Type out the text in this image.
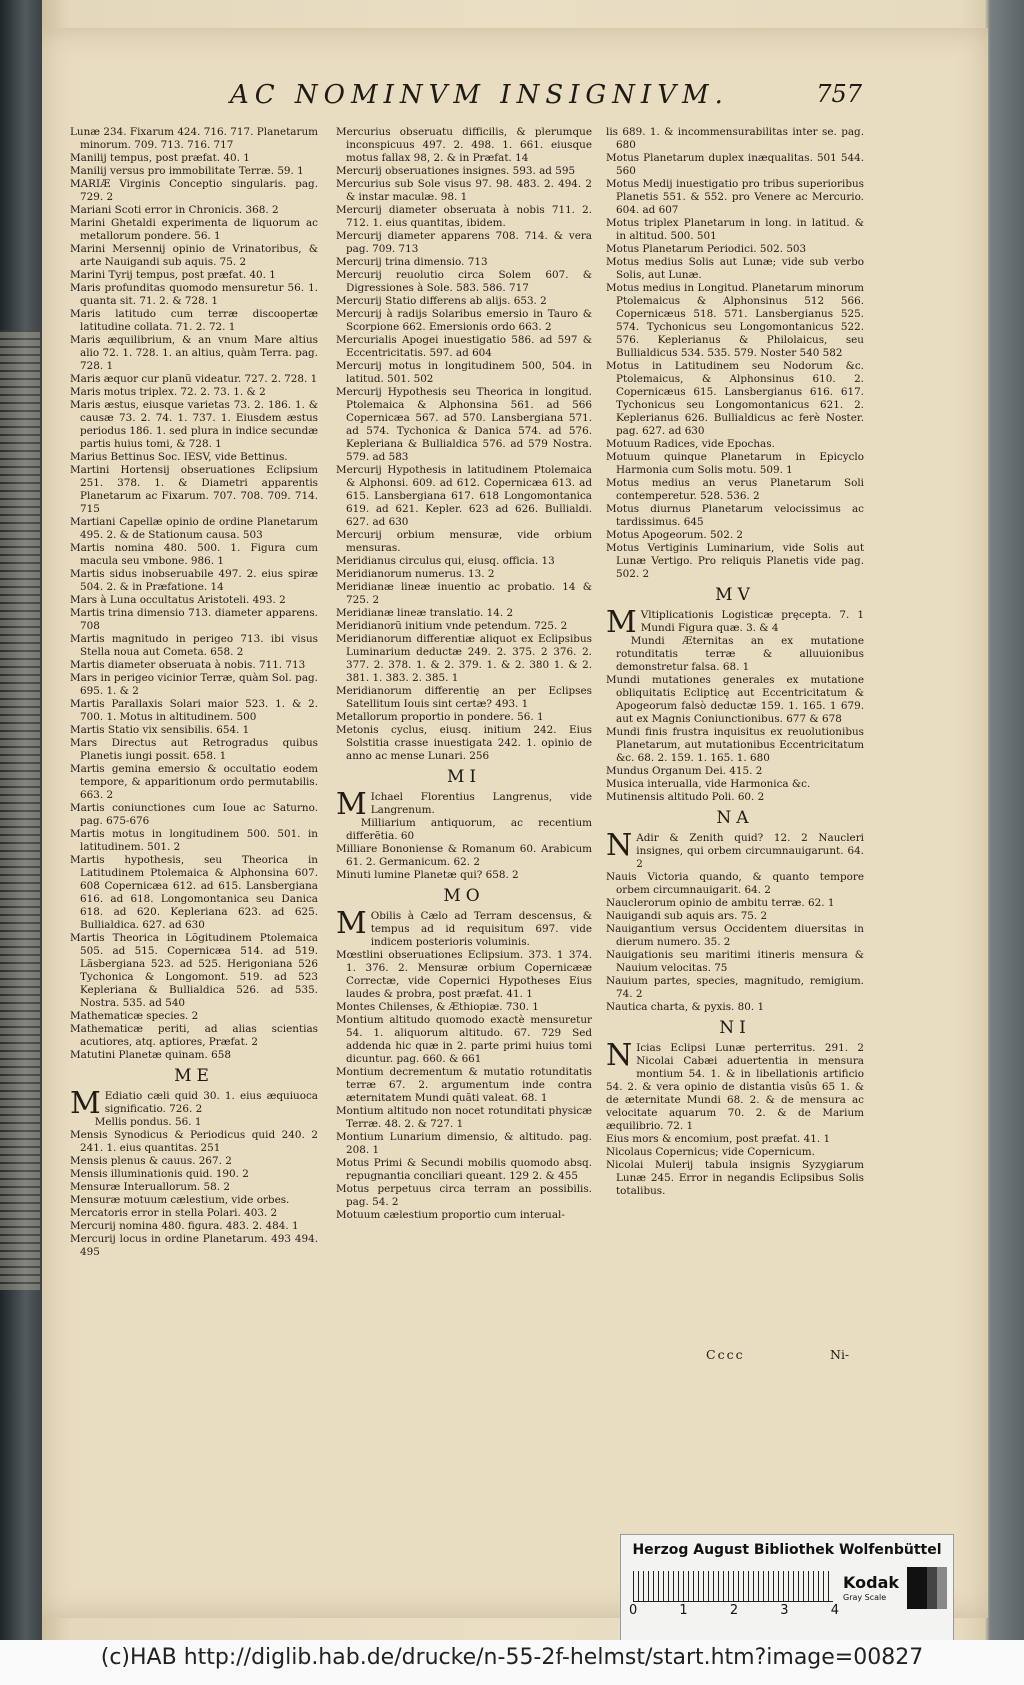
AC NOMINVM INSIGNIVM.	757

Lunæ 234. Fixarum 424. 716. 717. Planetarum minorum. 709. 713. 716. 717

Manilij tempus, post præfat. 40. 1

Manilij versus pro immobilitate Terræ. 59. 1

MARIÆ Virginis Conceptio singularis. pag. 729. 2

Mariani Scoti error in Chronicis. 368. 2

Marini Ghetaldi experimenta de liquorum ac metallorum pondere. 56. 1

Marini Mersennij opinio de Vrinatoribus, & arte Nauigandi sub aquis. 75. 2

Marini Tyrij tempus, post præfat. 40. 1

Maris profunditas quomodo mensuretur 56. 1. quanta sit. 71. 2. & 728. 1

Maris latitudo cum terræ discoopertæ latitudine collata. 71. 2. 72. 1

Maris æquilibrium, & an vnum Mare altius alio 72. 1. 728. 1. an altius, quàm Terra. pag. 728. 1

Maris æquor cur planũ videatur. 727. 2. 728. 1

Maris motus triplex. 72. 2. 73. 1. & 2

Maris æstus, eiusque varietas 73. 2. 186. 1. & causæ 73. 2. 74. 1. 737. 1. Eiusdem æstus periodus 186. 1. sed plura in indice secundæ partis huius tomi, & 728. 1

Marius Bettinus Soc. IESV, vide Bettinus.

Martini Hortensij obseruationes Eclipsium 251. 378. 1. & Diametri apparentis Planetarum ac Fixarum. 707. 708. 709. 714. 715

Martiani Capellæ opinio de ordine Planetarum 495. 2. & de Stationum causa. 503

Martis nomina 480. 500. 1. Figura cum macula seu vmbone. 986. 1

Martis sidus inobseruabile 497. 2. eius spiræ 504. 2. & in Præfatione. 14

Mars à Luna occultatus Aristoteli. 493. 2

Martis trina dimensio 713. diameter apparens. 708

Martis magnitudo in perigeo 713. ibi visus Stella noua aut Cometa. 658. 2

Martis diameter obseruata à nobis. 711. 713

Mars in perigeo vicinior Terræ, quàm Sol. pag. 695. 1. & 2

Martis Parallaxis Solari maior 523. 1. & 2. 700. 1. Motus in altitudinem. 500

Martis Statio vix sensibilis. 654. 1

Mars Directus aut Retrogradus quibus Planetis iungi possit. 658. 1

Martis gemina emersio & occultatio eodem tempore, & apparitionum ordo permutabilis. 663. 2

Martis coniunctiones cum Ioue ac Saturno. pag. 675-676

Martis motus in longitudinem 500. 501. in latitudinem. 501. 2

Martis hypothesis, seu Theorica in Latitudinem Ptolemaica & Alphonsina 607. 608 Copernicæa 612. ad 615. Lansbergiana 616. ad 618. Longomontanica seu Danica 618. ad 620. Kepleriana 623. ad 625. Bullialdica. 627. ad 630

Martis Theorica in Lõgitudinem Ptolemaica 505. ad 515. Copernicæa 514. ad 519. Lãsbergiana 523. ad 525. Herigoniana 526 Tychonica & Longomont. 519. ad 523 Kepleriana & Bullialdica 526. ad 535. Nostra. 535. ad 540

Mathematicæ species. 2

Mathematicæ periti, ad alias scientias acutiores, atq. aptiores, Præfat. 2

Matutini Planetæ quinam. 658

ME

M Ediatio cæli quid 30. 1. eius æquiuoca significatio. 726. 2

Mellis pondus. 56. 1

Mensis Synodicus & Periodicus quid 240. 2 241. 1. eius quantitas. 251

Mensis plenus & cauus. 267. 2

Mensis illuminationis quid. 190. 2

Mensuræ Interuallorum. 58. 2

Mensuræ motuum cælestium, vide orbes.

Mercatoris error in stella Polari. 403. 2

Mercurij nomina 480. figura. 483. 2. 484. 1

Mercurij locus in ordine Planetarum. 493 494. 495

Mercurius obseruatu difficilis, & plerumque inconspicuus 497. 2. 498. 1. 661. eiusque motus fallax 98, 2. & in Præfat. 14

Mercurij obseruationes insignes. 593. ad 595

Mercurius sub Sole visus 97. 98. 483. 2. 494. 2 & instar maculæ. 98. 1

Mercurij diameter obseruata à nobis 711. 2. 712. 1. eius quantitas, ibidem.

Mercurij diameter apparens 708. 714. & vera pag. 709. 713

Mercurij trina dimensio. 713

Mercurij reuolutio circa Solem 607. & Digressiones à Sole. 583. 586. 717

Mercurij Statio differens ab alijs. 653. 2

Mercurij à radijs Solaribus emersio in Tauro & Scorpione 662. Emersionis ordo 663. 2

Mercurialis Apogei inuestigatio 586. ad 597 & Eccentricitatis. 597. ad 604

Mercurij motus in longitudinem 500, 504. in latitud. 501. 502

Mercurij Hypothesis seu Theorica in longitud. Ptolemaica & Alphonsina 561. ad 566 Copernicæa 567. ad 570. Lansbergiana 571. ad 574. Tychonica & Danica 574. ad 576. Kepleriana & Bullialdica 576. ad 579 Nostra. 579. ad 583

Mercurij Hypothesis in latitudinem Ptolemaica & Alphonsi. 609. ad 612. Copernicæa 613. ad 615. Lansbergiana 617. 618 Longomontanica 619. ad 621. Kepler. 623 ad 626. Bullialdi. 627. ad 630

Mercurij orbium mensuræ, vide orbium mensuras.

Meridianus circulus qui, eiusq. officia. 13

Meridianorum numerus. 13. 2

Meridianæ lineæ inuentio ac probatio. 14 & 725. 2

Meridianæ lineæ translatio. 14. 2

Meridianorũ initium vnde petendum. 725. 2

Meridianorum differentiæ aliquot ex Eclipsibus Luminarium deductæ 249. 2. 375. 2 376. 2. 377. 2. 378. 1. & 2. 379. 1. & 2. 380 1. & 2. 381. 1. 383. 2. 385. 1

Meridianorum differentię an per Eclipses Satellitum Iouis sint certæ? 493. 1

Metallorum proportio in pondere. 56. 1

Metonis cyclus, eiusq. initium 242. Eius Solstitia crasse inuestigata 242. 1. opinio de anno ac mense Lunari. 256

MI

M Ichael Florentius Langrenus, vide Langrenum.

Milliarium antiquorum, ac recentium differẽtia. 60

Milliare Bononiense & Romanum 60. Arabicum 61. 2. Germanicum. 62. 2

Minuti lumine Planetæ qui? 658. 2

MO

M Obilis à Cælo ad Terram descensus, & tempus ad id requisitum 697. vide indicem posterioris voluminis.

Mœstlini obseruationes Eclipsium. 373. 1 374. 1. 376. 2. Mensuræ orbium Copernicææ Correctæ, vide Copernici Hypotheses Eius laudes & probra, post præfat. 41. 1

Montes Chilenses, & Æthiopiæ. 730. 1

Montium altitudo quomodo exactè mensuretur 54. 1. aliquorum altitudo. 67. 729 Sed addenda hic quæ in 2. parte primi huius tomi dicuntur. pag. 660. & 661

Montium decrementum & mutatio rotunditatis terræ 67. 2. argumentum inde contra æternitatem Mundi quãti valeat. 68. 1

Montium altitudo non nocet rotunditati physicæ Terræ. 48. 2. & 727. 1

Montium Lunarium dimensio, & altitudo. pag. 208. 1

Motus Primi & Secundi mobilis quomodo absq. repugnantia conciliari queant. 129 2. & 455

Motus perpetuus circa terram an possibilis. pag. 54. 2

Motuum cælestium proportio cum interual-

lis 689. 1. & incommensurabilitas inter se. pag. 680

Motus Planetarum duplex inæqualitas. 501 544. 560

Motus Medij inuestigatio pro tribus superioribus Planetis 551. & 552. pro Venere ac Mercurio. 604. ad 607

Motus triplex Planetarum in long. in latitud. & in altitud. 500. 501

Motus Planetarum Periodici. 502. 503

Motus medius Solis aut Lunæ; vide sub verbo Solis, aut Lunæ.

Motus medius in Longitud. Planetarum minorum Ptolemaicus & Alphonsinus 512 566. Copernicæus 518. 571. Lansbergianus 525. 574. Tychonicus seu Longomontanicus 522. 576. Keplerianus & Philolaicus, seu Bullialdicus 534. 535. 579. Noster 540 582

Motus in Latitudinem seu Nodorum &c. Ptolemaicus, & Alphonsinus 610. 2. Copernicæus 615. Lansbergianus 616. 617. Tychonicus seu Longomontanicus 621. 2. Keplerianus 626. Bullialdicus ac ferè Noster. pag. 627. ad 630

Motuum Radices, vide Epochas.

Motuum quinque Planetarum in Epicyclo Harmonia cum Solis motu. 509. 1

Motus medius an verus Planetarum Soli contemperetur. 528. 536. 2

Motus diurnus Planetarum velocissimus ac tardissimus. 645

Motus Apogeorum. 502. 2

Motus Vertiginis Luminarium, vide Solis aut Lunæ Vertigo. Pro reliquis Planetis vide pag. 502. 2

MV

M Vltiplicationis Logisticæ pręcepta. 7. 1 Mundi Figura quæ. 3. & 4

Mundi Æternitas an ex mutatione rotunditatis terræ & alluuionibus demonstretur falsa. 68. 1

Mundi mutationes generales ex mutatione obliquitatis Eclipticę aut Eccentricitatum & Apogeorum falsò deductæ 159. 1. 165. 1 679. aut ex Magnis Coniunctionibus. 677 & 678

Mundi finis frustra inquisitus ex reuolutionibus Planetarum, aut mutationibus Eccentricitatum &c. 68. 2. 159. 1. 165. 1. 680

Mundus Organum Dei. 415. 2

Musica interualla, vide Harmonica &c.

Mutinensis altitudo Poli. 60. 2

NA

N Adir & Zenith quid? 12. 2 Naucleri insignes, qui orbem circumnauigarunt. 64. 2

Nauis Victoria quando, & quanto tempore orbem circumnauigarit. 64. 2

Nauclerorum opinio de ambitu terræ. 62. 1

Nauigandi sub aquis ars. 75. 2

Nauigantium versus Occidentem diuersitas in dierum numero. 35. 2

Nauigationis seu maritimi itineris mensura & Nauium velocitas. 75

Nauium partes, species, magnitudo, remigium. 74. 2

Nautica charta, & pyxis. 80. 1

NI

N Icias Eclipsi Lunæ perterritus. 291. 2 Nicolai Cabæi aduertentia in mensura montium 54. 1. & in libellationis artificio 54. 2. & vera opinio de distantia visûs 65 1. & de æternitate Mundi 68. 2. & de mensura ac velocitate aquarum 70. 2. & de Marium æquilibrio. 72. 1

Eius mors & encomium, post præfat. 41. 1

Nicolaus Copernicus; vide Copernicum.

Nicolai Mulerij tabula insignis Syzygiarum Lunæ 245. Error in negandis Eclipsibus Solis totalibus.

Cccc	Ni-
Herzog August Bibliothek Wolfenbüttel
0	1	2	3	4
Kodak
Gray Scale
(c)HAB http://diglib.hab.de/drucke/n-55-2f-helmst/start.htm?image=00827
